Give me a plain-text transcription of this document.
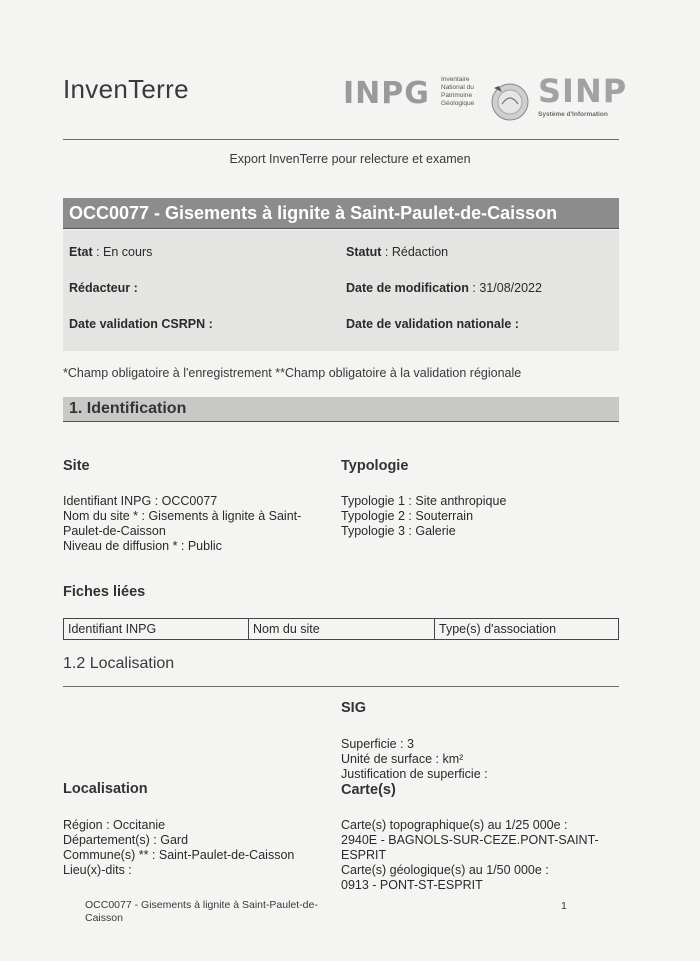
InvenTerre	INPG Inventaire National du Patrimoine Géologique	SINP
Système d'Information
Export InvenTerre pour relecture et examen
OCC0077 - Gisements à lignite à Saint-Paulet-de-Caisson
Etat : En cours	Statut : Rédaction
Rédacteur :	Date de modification : 31/08/2022
Date validation CSRPN :	Date de validation nationale :
*Champ obligatoire à l'enregistrement **Champ obligatoire à la validation régionale
1. Identification
Site
Identifiant INPG : OCC0077
Nom du site * : Gisements à lignite à Saint-
Paulet-de-Caisson
Niveau de diffusion * : Public
Typologie
Typologie 1 : Site anthropique
Typologie 2 : Souterrain
Typologie 3 : Galerie
Fiches liées
Identifiant INPG	Nom du site	Type(s) d'association
1.2 Localisation
SIG
Superficie : 3
Unité de surface : km²
Justification de superficie :
Localisation	Carte(s)
Région : Occitanie
Département(s) : Gard
Commune(s) ** : Saint-Paulet-de-Caisson
Lieu(x)-dits :
Carte(s) topographique(s) au 1/25 000e :
2940E - BAGNOLS-SUR-CEZE.PONT-SAINT-
ESPRIT
Carte(s) géologique(s) au 1/50 000e :
0913 - PONT-ST-ESPRIT
OCC0077 - Gisements à lignite à Saint-Paulet-de-
Caisson
1
